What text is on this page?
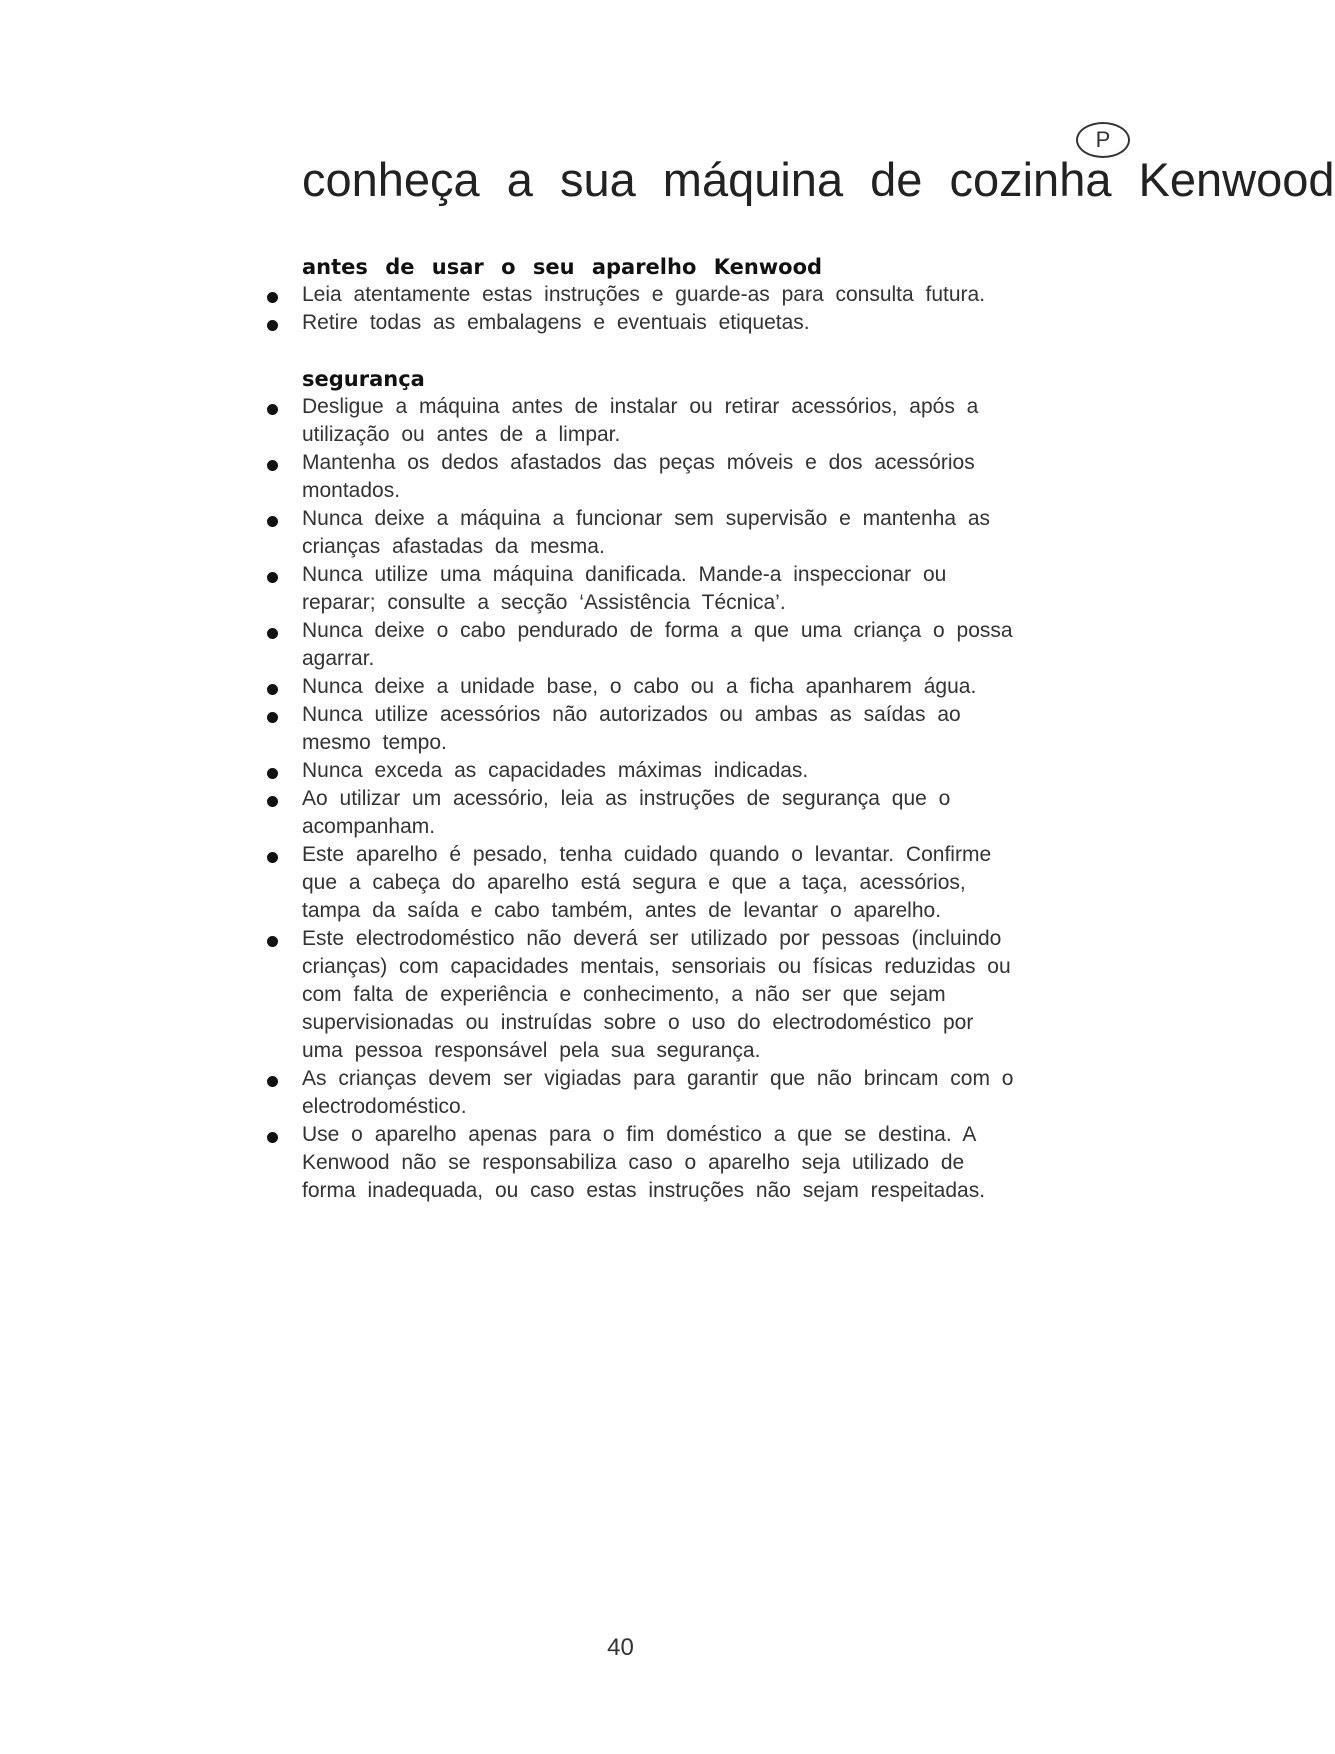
P
conheça a sua máquina de cozinha Kenwood
antes de usar o seu aparelho Kenwood
Leia atentamente estas instruções e guarde-as para consulta futura.
Retire todas as embalagens e eventuais etiquetas.
segurança
Desligue a máquina antes de instalar ou retirar acessórios, após a utilização ou antes de a limpar.
Mantenha os dedos afastados das peças móveis e dos acessórios montados.
Nunca deixe a máquina a funcionar sem supervisão e mantenha as crianças afastadas da mesma.
Nunca utilize uma máquina danificada. Mande-a inspeccionar ou reparar; consulte a secção ‘Assistência Técnica’.
Nunca deixe o cabo pendurado de forma a que uma criança o possa agarrar.
Nunca deixe a unidade base, o cabo ou a ficha apanharem água.
Nunca utilize acessórios não autorizados ou ambas as saídas ao mesmo tempo.
Nunca exceda as capacidades máximas indicadas.
Ao utilizar um acessório, leia as instruções de segurança que o acompanham.
Este aparelho é pesado, tenha cuidado quando o levantar. Confirme que a cabeça do aparelho está segura e que a taça, acessórios, tampa da saída e cabo também, antes de levantar o aparelho.
Este electrodoméstico não deverá ser utilizado por pessoas (incluindo crianças) com capacidades mentais, sensoriais ou físicas reduzidas ou com falta de experiência e conhecimento, a não ser que sejam supervisionadas ou instruídas sobre o uso do electrodoméstico por uma pessoa responsável pela sua segurança.
As crianças devem ser vigiadas para garantir que não brincam com o electrodoméstico.
Use o aparelho apenas para o fim doméstico a que se destina. A Kenwood não se responsabiliza caso o aparelho seja utilizado de forma inadequada, ou caso estas instruções não sejam respeitadas.
40
